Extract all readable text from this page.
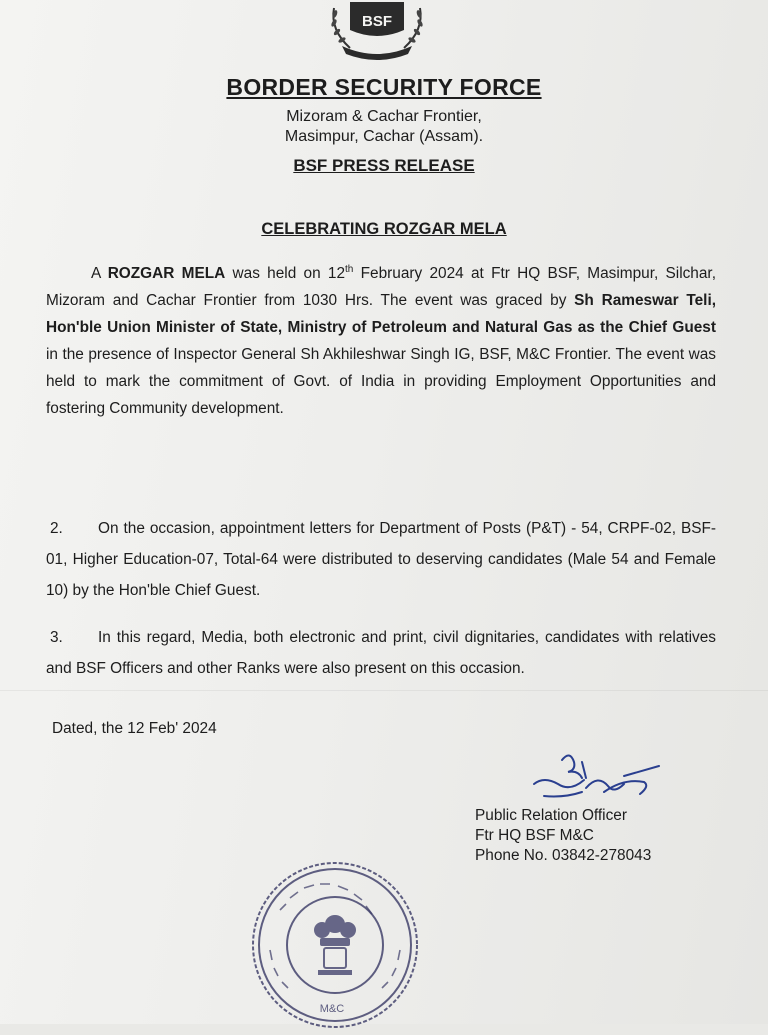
BSF
BORDER SECURITY FORCE
Mizoram & Cachar Frontier,
Masimpur, Cachar (Assam).
BSF PRESS RELEASE
CELEBRATING ROZGAR MELA
A ROZGAR MELA was held on 12th February 2024 at Ftr HQ BSF, Masimpur, Silchar, Mizoram and Cachar Frontier from 1030 Hrs. The event was graced by Sh Rameswar Teli, Hon'ble Union Minister of State, Ministry of Petroleum and Natural Gas as the Chief Guest in the presence of Inspector General Sh Akhileshwar Singh IG, BSF, M&C Frontier. The event was held to mark the commitment of Govt. of India in providing Employment Opportunities and fostering Community development.
2. On the occasion, appointment letters for Department of Posts (P&T) - 54, CRPF-02, BSF-01, Higher Education-07, Total-64 were distributed to deserving candidates (Male 54 and Female 10) by the Hon'ble Chief Guest.
3. In this regard, Media, both electronic and print, civil dignitaries, candidates with relatives and BSF Officers and other Ranks were also present on this occasion.
Dated, the 12 Feb' 2024
Public Relation Officer
Ftr HQ BSF M&C
Phone No. 03842-278043
M&C
